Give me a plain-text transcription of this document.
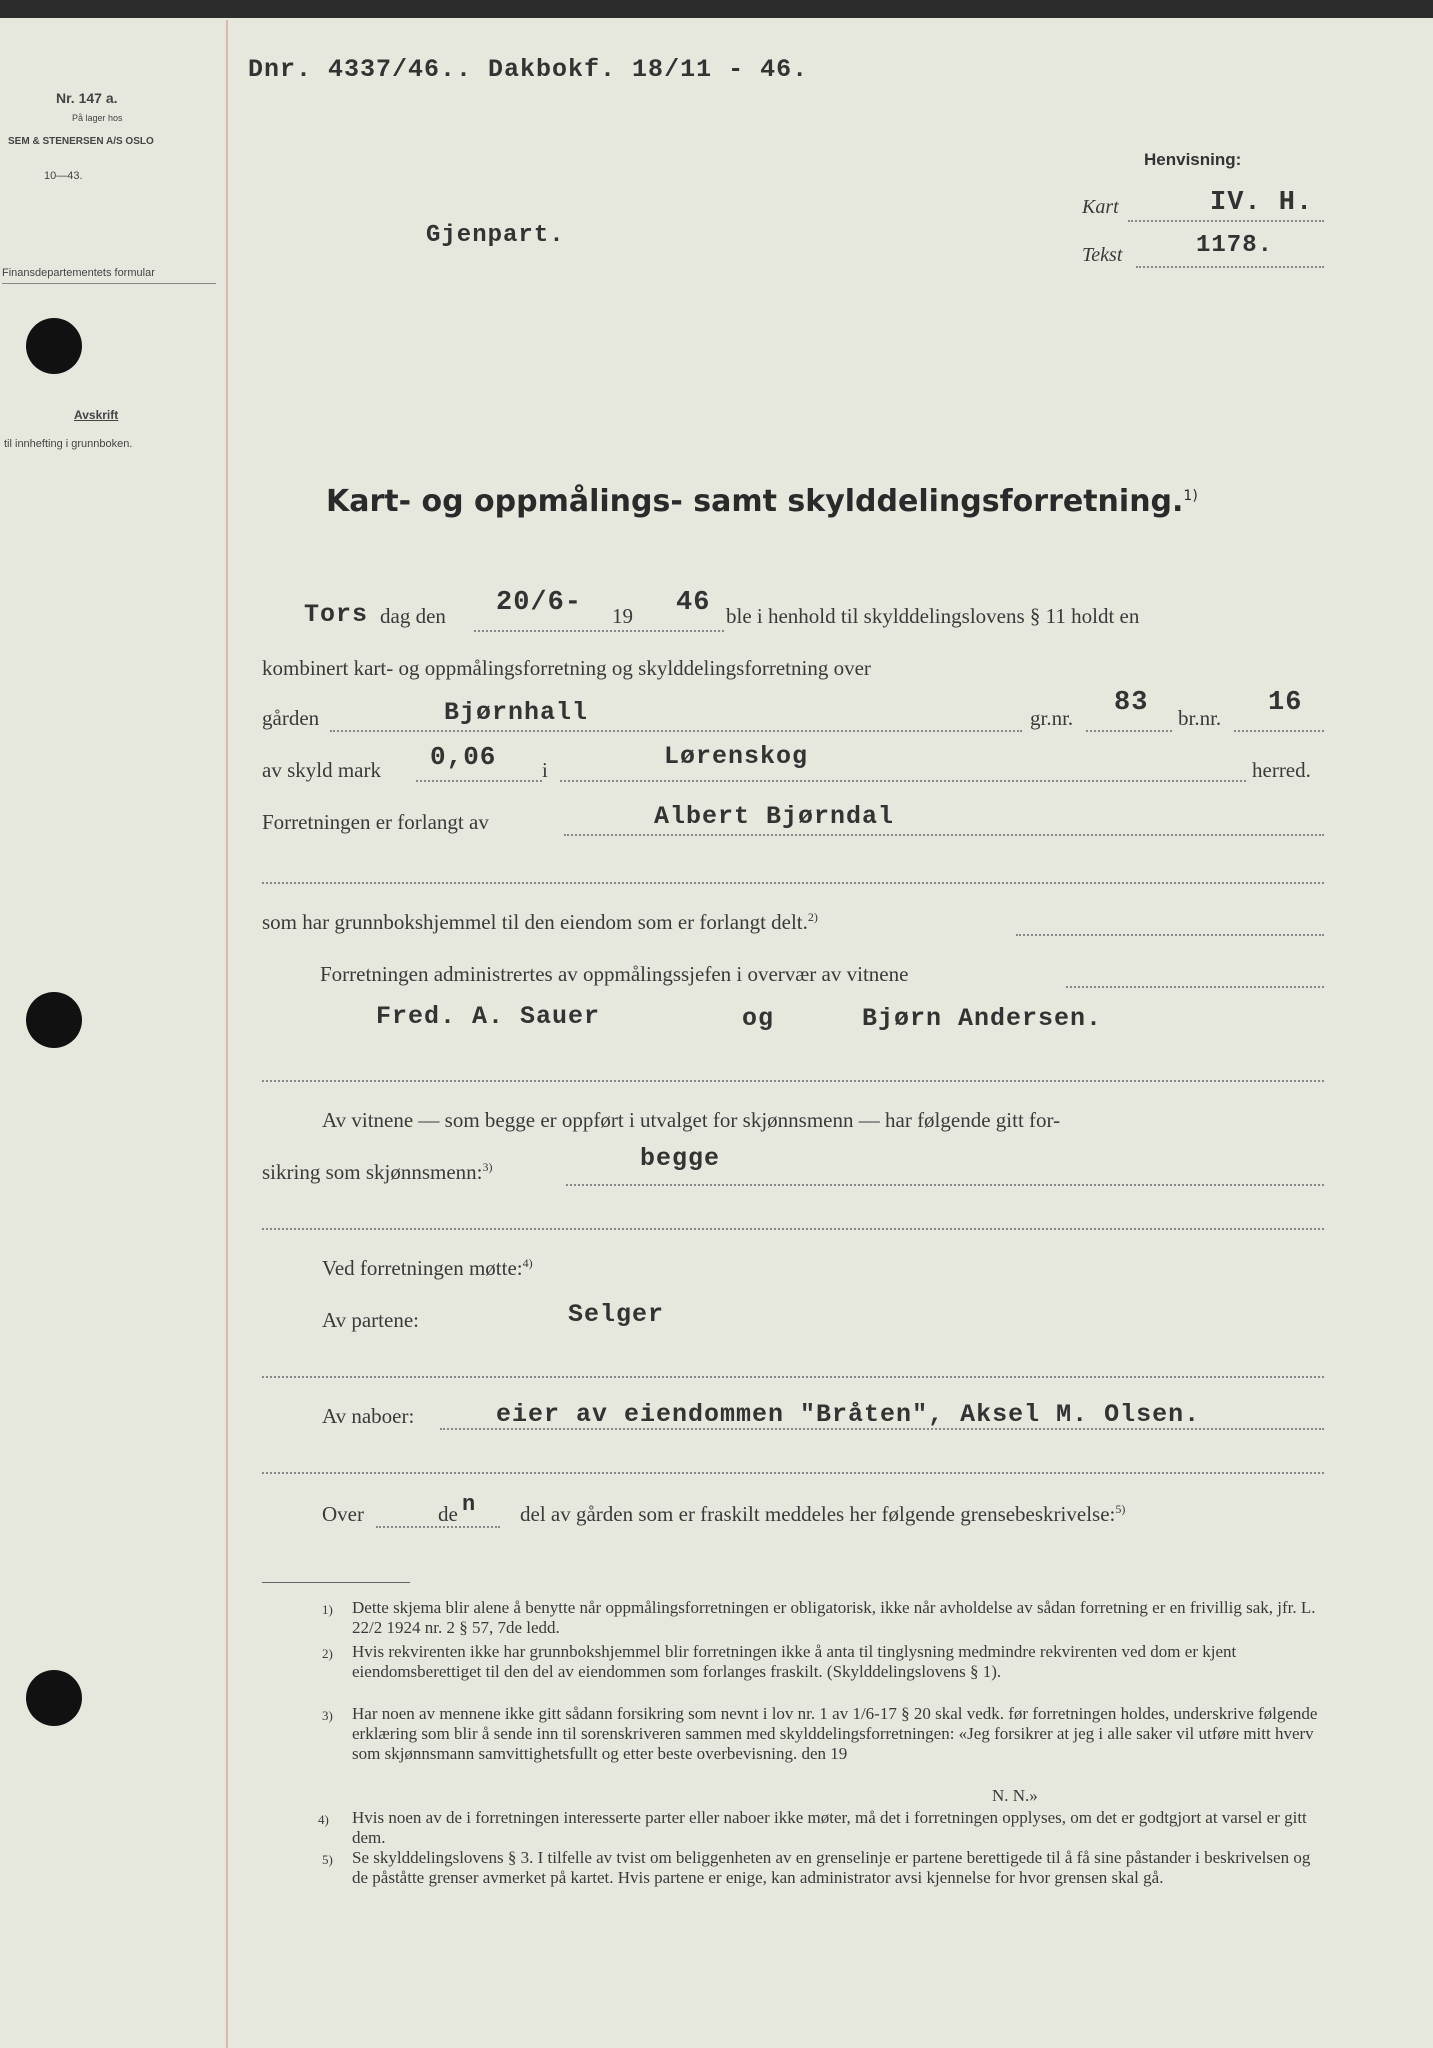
Nr. 147 a.
På lager hos
SEM & STENERSEN A/S OSLO
10—43.
Finansdepartementets formular
Avskrift
til innhefting i grunnboken.
Dnr. 4337/46.. Dakbokf. 18/11 - 46.
Henvisning:
Kart	IV. H.
Tekst	1178.
Gjenpart.
Kart- og oppmålings- samt skylddelingsforretning.$^{1)}$
Tors dag den 20/6- 19 46 ble i henhold til skylddelingslovens § 11 holdt en
kombinert kart- og oppmålingsforretning og skylddelingsforretning over
gården	Bjørnhall	gr.nr. 83 br.nr. 16
av skyld mark 0,06 i	Lørenskog	herred.
Forretningen er forlangt av	Albert Bjørndal
som har grunnbokshjemmel til den eiendom som er forlangt delt.$^{2)}$
Forretningen administrertes av oppmålingssjefen i overvær av vitnene
Fred. A. Sauer	og	Bjørn Andersen.
Av vitnene — som begge er oppført i utvalget for skjønnsmenn — har følgende gitt for-
sikring som skjønnsmenn:$^{3)}$	begge
Ved forretningen møtte:$^{4)}$
Av partene:	Selger
Av naboer:	eier av eiendommen "Bråten", Aksel M. Olsen.
Over	de n del av gården som er fraskilt meddeles her følgende grensebeskrivelse:$^{5)}$
1) Dette skjema blir alene å benytte når oppmålingsforretningen er obligatorisk, ikke når avholdelse av sådan forretning er en frivillig sak, jfr. L. 22/2 1924 nr. 2 § 57, 7de ledd.
2) Hvis rekvirenten ikke har grunnbokshjemmel blir forretningen ikke å anta til tinglysning medmindre rekvirenten ved dom er kjent eiendomsberettiget til den del av eiendommen som forlanges fraskilt. (Skylddelingslovens § 1).
3) Har noen av mennene ikke gitt sådann forsikring som nevnt i lov nr. 1 av 1/6-17 § 20 skal vedk. før forretningen holdes, underskrive følgende erklæring som blir å sende inn til sorenskriveren sammen med skylddelingsforretningen: «Jeg forsikrer at jeg i alle saker vil utføre mitt hverv som skjønnsmann samvittighetsfullt og etter beste overbevisning. den 19
N. N.»
4) Hvis noen av de i forretningen interesserte parter eller naboer ikke møter, må det i forretningen opplyses, om det er godtgjort at varsel er gitt dem.
5) Se skylddelingslovens § 3. I tilfelle av tvist om beliggenheten av en grenselinje er partene berettigede til å få sine påstander i beskrivelsen og de påståtte grenser avmerket på kartet. Hvis partene er enige, kan administrator avsi kjennelse for hvor grensen skal gå.
